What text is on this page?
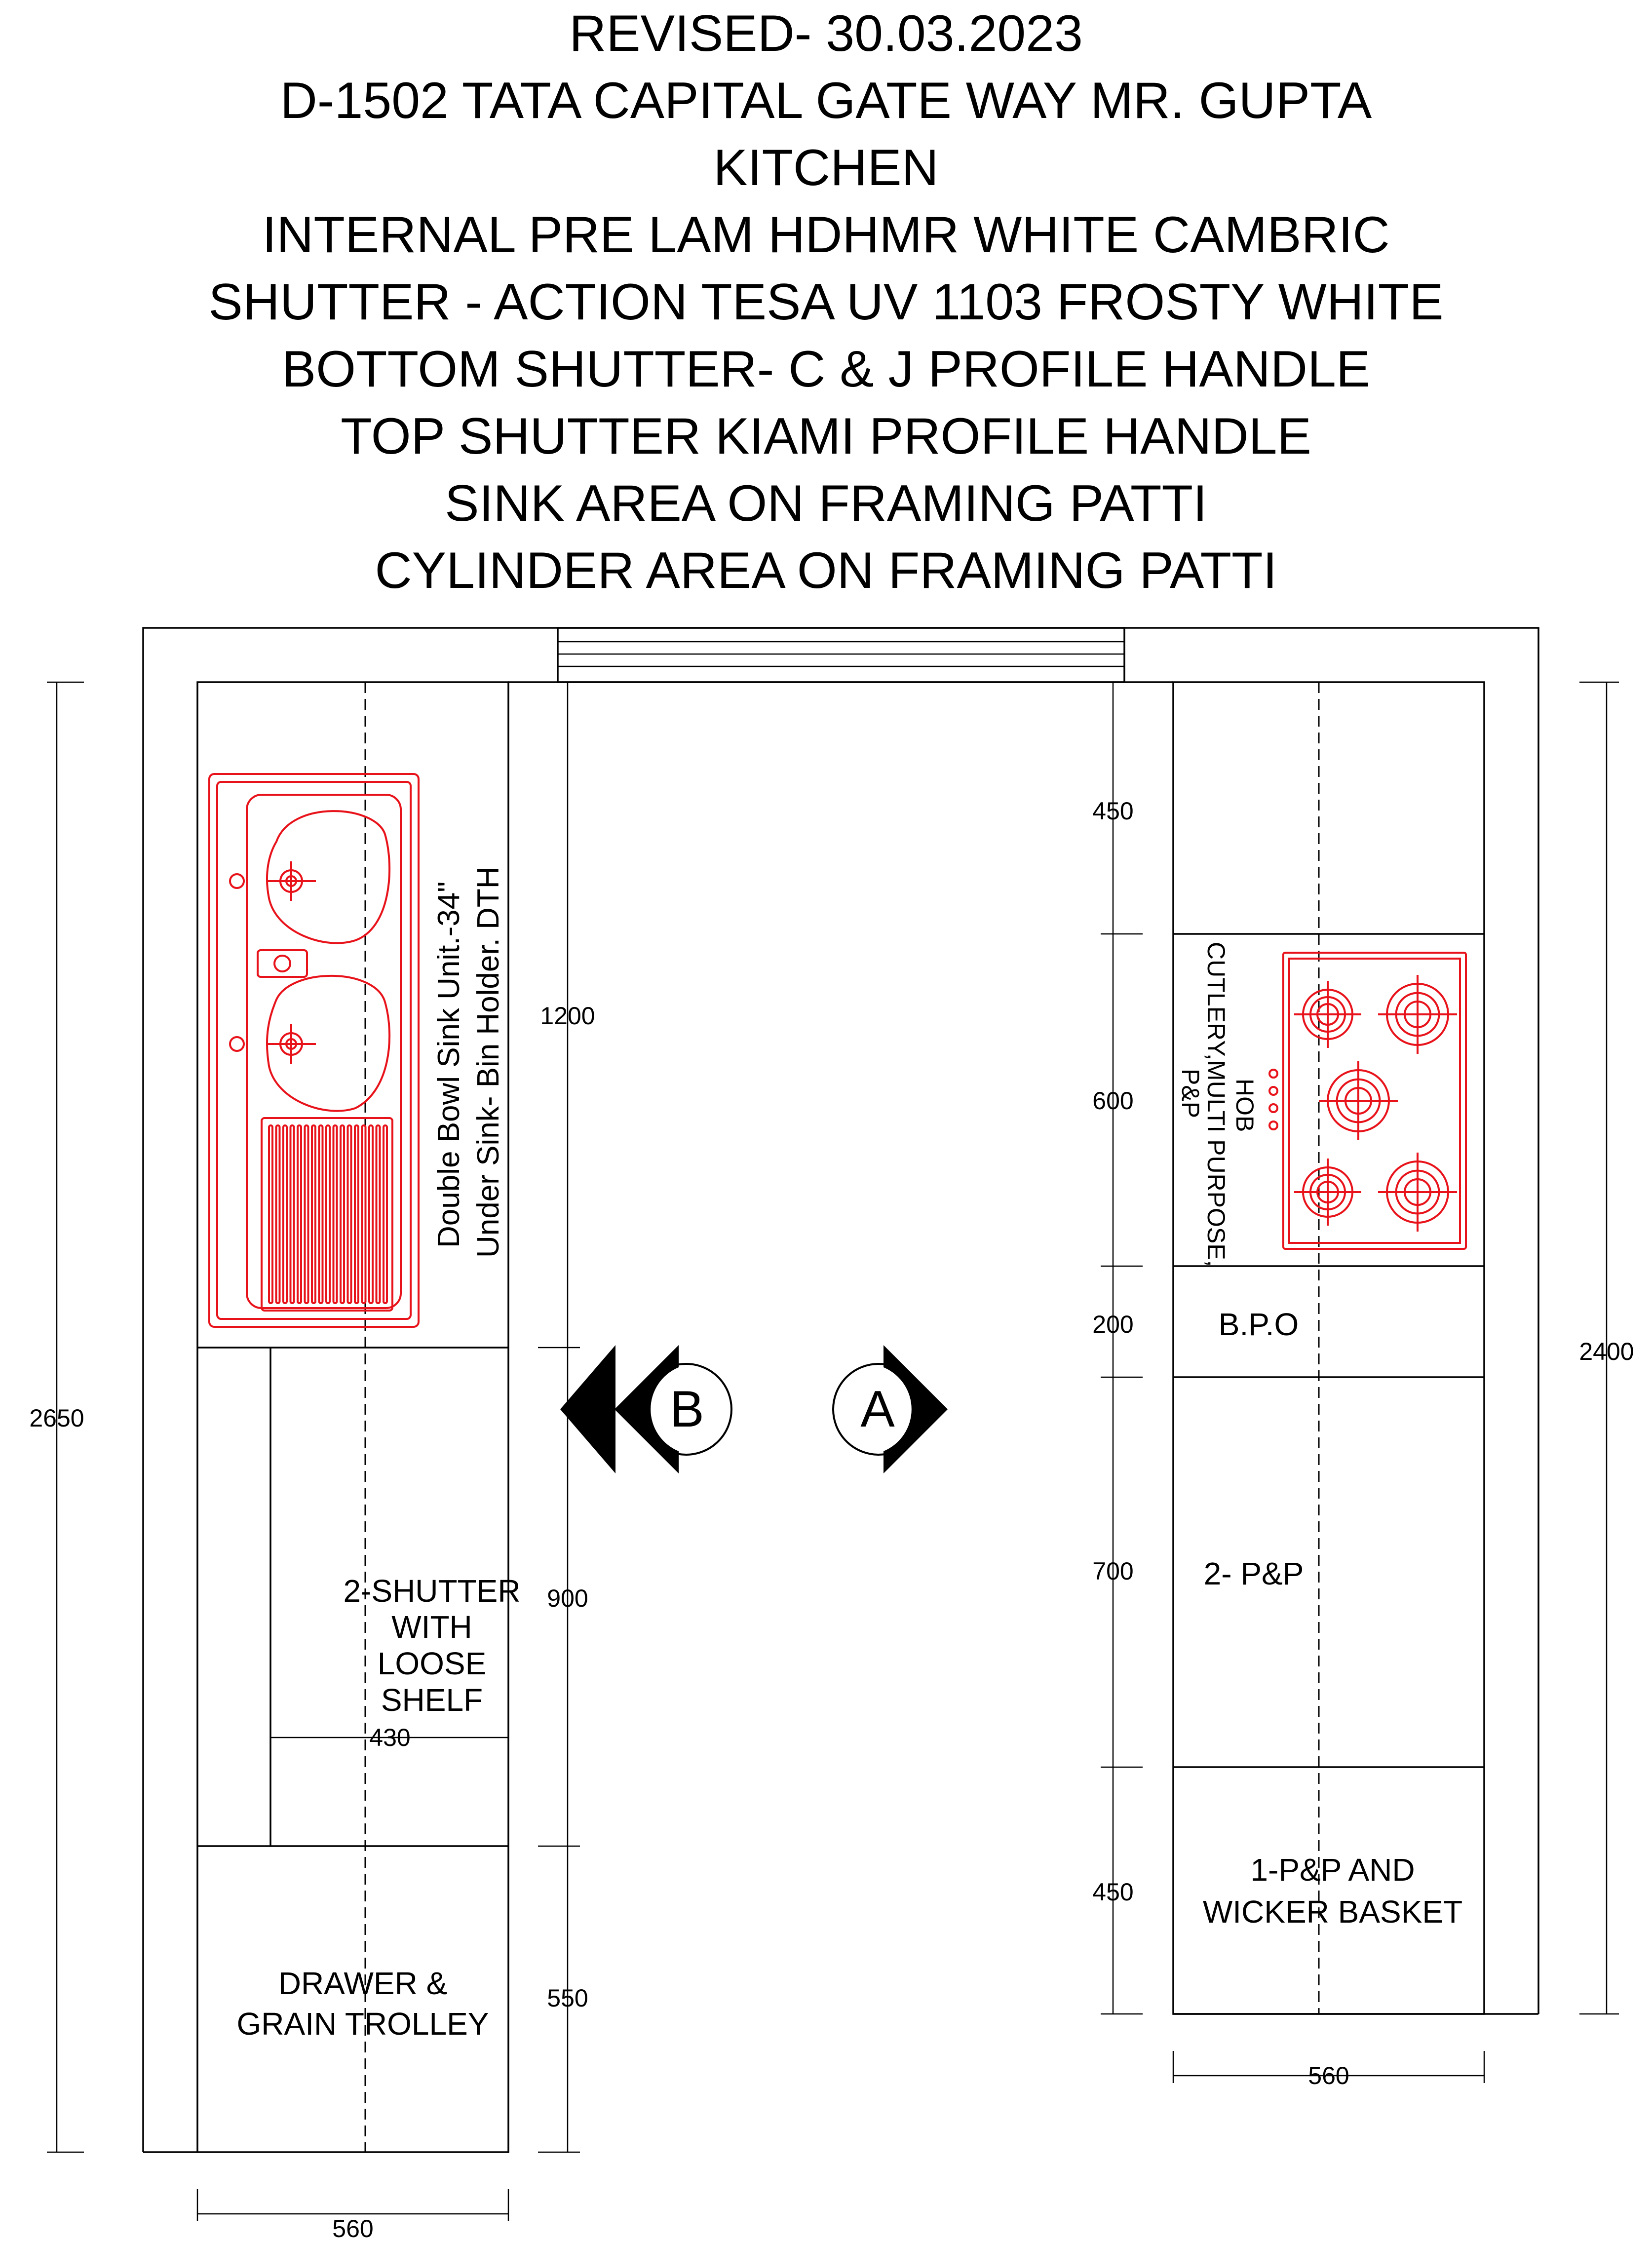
REVISED- 30.03.2023
D-1502 TATA CAPITAL GATE WAY MR. GUPTA
KITCHEN
INTERNAL PRE LAM HDHMR WHITE CAMBRIC
SHUTTER - ACTION TESA UV 1103 FROSTY WHITE
BOTTOM SHUTTER- C & J PROFILE HANDLE
TOP SHUTTER KIAMI PROFILE HANDLE
SINK AREA ON FRAMING PATTI
CYLINDER AREA ON FRAMING PATTI
Double Bowl Sink Unit.-34" Under Sink- Bin Holder. DTH
2-SHUTTER
WITH
LOOSE
SHELF
430
DRAWER &
GRAIN TROLLEY
2650
1200
900
550
560
HOB
CUTLERY,MULTI PURPOSE,
P&P
B.P.O
2- P&P
1-P&P AND
WICKER BASKET
450
600
200
700
450
2400
560
B	A
